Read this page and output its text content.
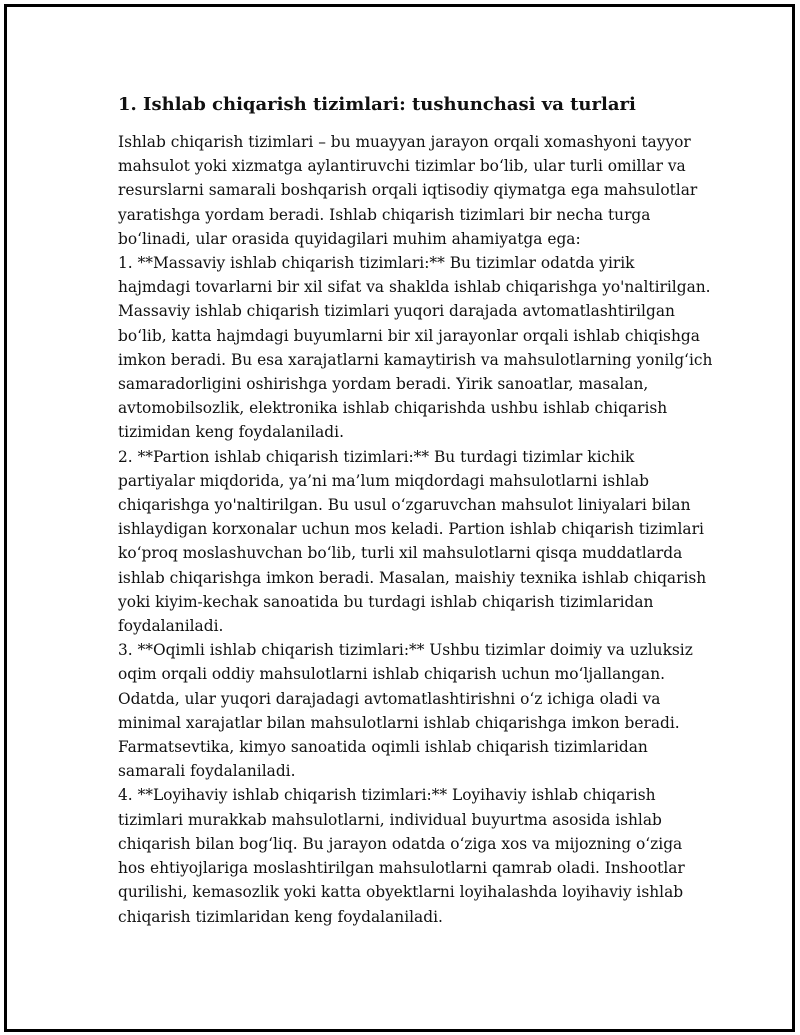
1. Ishlab chiqarish tizimlari: tushunchasi va turlari

Ishlab chiqarish tizimlari – bu muayyan jarayon orqali xomashyoni tayyor
mahsulot yoki xizmatga aylantiruvchi tizimlar bo‘lib, ular turli omillar va
resurslarni samarali boshqarish orqali iqtisodiy qiymatga ega mahsulotlar
yaratishga yordam beradi. Ishlab chiqarish tizimlari bir necha turga
bo‘linadi, ular orasida quyidagilari muhim ahamiyatga ega:
1. **Massaviy ishlab chiqarish tizimlari:** Bu tizimlar odatda yirik
hajmdagi tovarlarni bir xil sifat va shaklda ishlab chiqarishga yo'naltirilgan.
Massaviy ishlab chiqarish tizimlari yuqori darajada avtomatlashtirilgan
bo‘lib, katta hajmdagi buyumlarni bir xil jarayonlar orqali ishlab chiqishga
imkon beradi. Bu esa xarajatlarni kamaytirish va mahsulotlarning yonilg‘ich
samaradorligini oshirishga yordam beradi. Yirik sanoatlar, masalan,
avtomobilsozlik, elektronika ishlab chiqarishda ushbu ishlab chiqarish
tizimidan keng foydalaniladi.
2. **Partion ishlab chiqarish tizimlari:** Bu turdagi tizimlar kichik
partiyalar miqdorida, ya’ni ma’lum miqdordagi mahsulotlarni ishlab
chiqarishga yo'naltirilgan. Bu usul o‘zgaruvchan mahsulot liniyalari bilan
ishlaydigan korxonalar uchun mos keladi. Partion ishlab chiqarish tizimlari
ko‘proq moslashuvchan bo‘lib, turli xil mahsulotlarni qisqa muddatlarda
ishlab chiqarishga imkon beradi. Masalan, maishiy texnika ishlab chiqarish
yoki kiyim-kechak sanoatida bu turdagi ishlab chiqarish tizimlaridan
foydalaniladi.
3. **Oqimli ishlab chiqarish tizimlari:** Ushbu tizimlar doimiy va uzluksiz
oqim orqali oddiy mahsulotlarni ishlab chiqarish uchun mo‘ljallangan.
Odatda, ular yuqori darajadagi avtomatlashtirishni o‘z ichiga oladi va
minimal xarajatlar bilan mahsulotlarni ishlab chiqarishga imkon beradi.
Farmatsevtika, kimyo sanoatida oqimli ishlab chiqarish tizimlaridan
samarali foydalaniladi.
4. **Loyihaviy ishlab chiqarish tizimlari:** Loyihaviy ishlab chiqarish
tizimlari murakkab mahsulotlarni, individual buyurtma asosida ishlab
chiqarish bilan bog‘liq. Bu jarayon odatda o‘ziga xos va mijozning o‘ziga
hos ehtiyojlariga moslashtirilgan mahsulotlarni qamrab oladi. Inshootlar
qurilishi, kemasozlik yoki katta obyektlarni loyihalashda loyihaviy ishlab
chiqarish tizimlaridan keng foydalaniladi.
